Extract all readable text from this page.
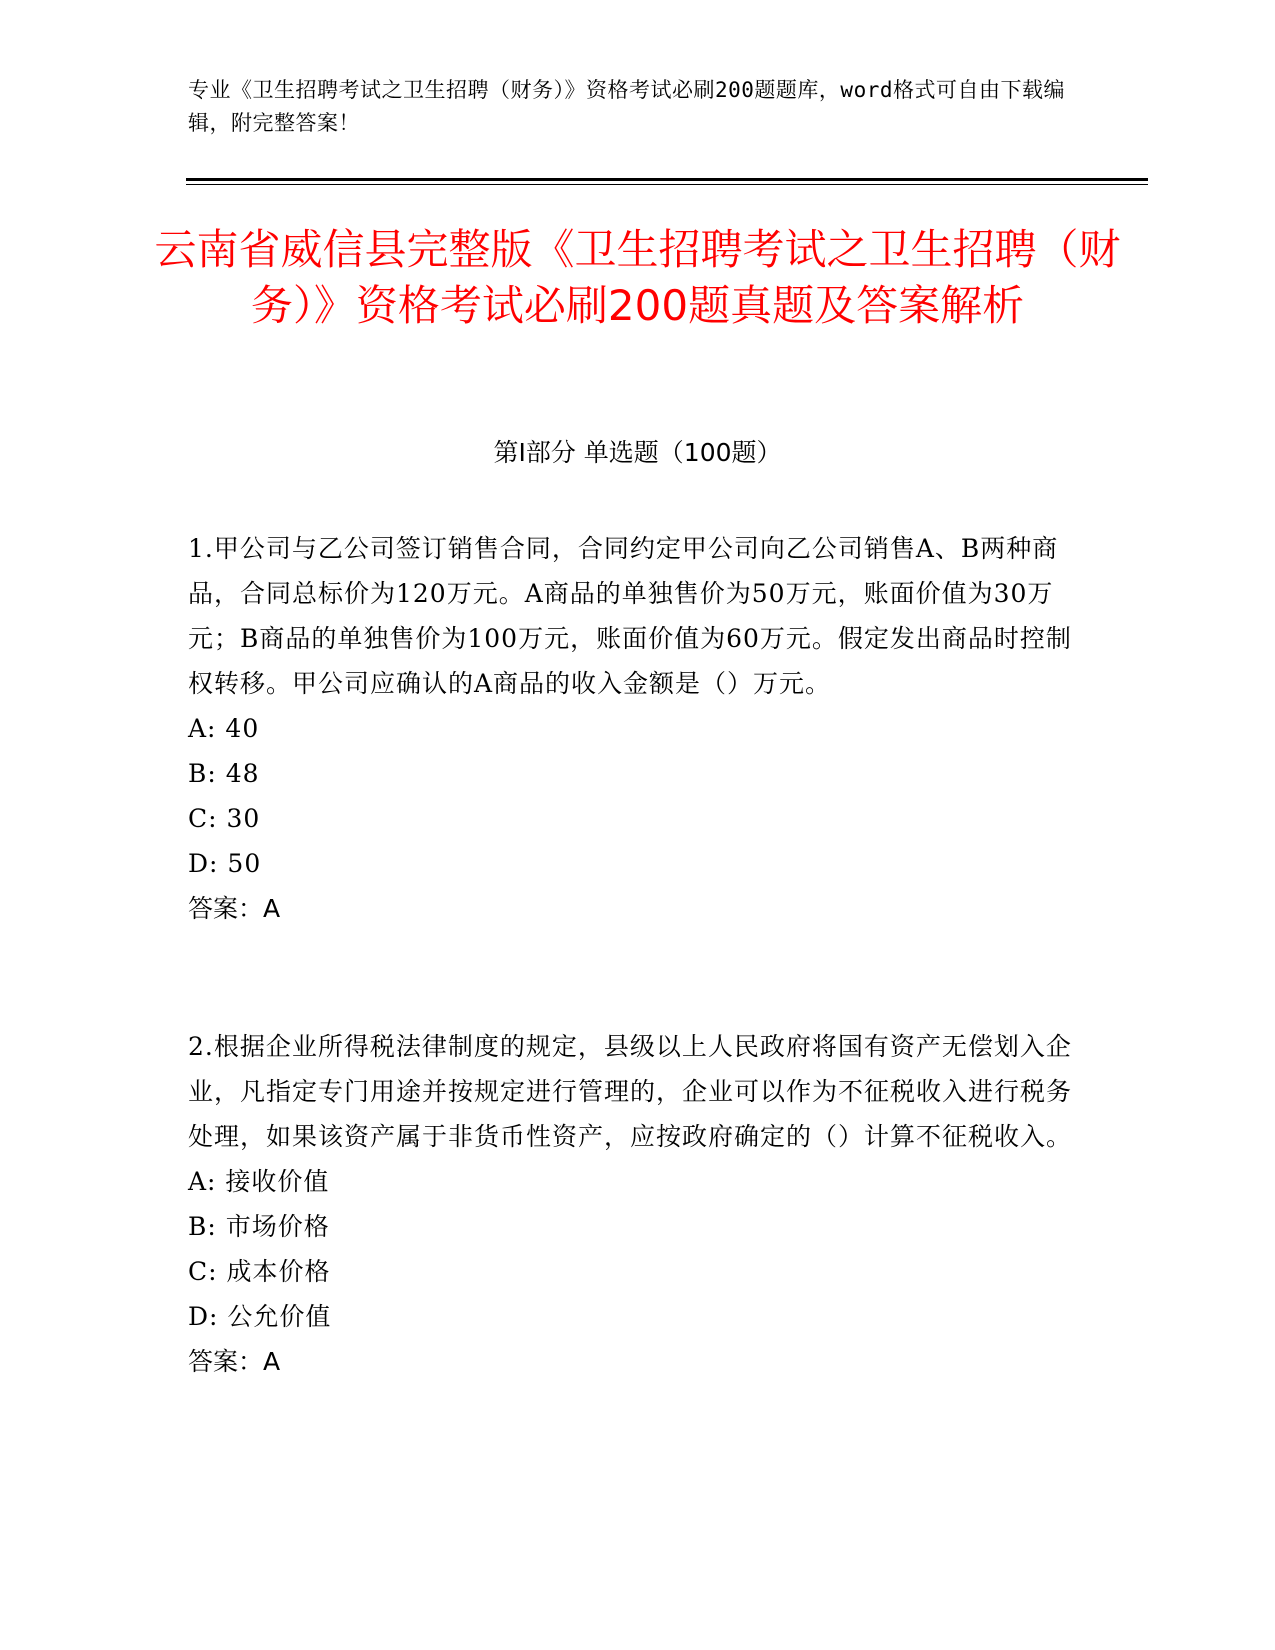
专业《卫生招聘考试之卫生招聘（财务）》资格考试必刷200题题库，word格式可自由下载编辑，附完整答案！
云南省威信县完整版《卫生招聘考试之卫生招聘（财务）》资格考试必刷200题真题及答案解析
第Ⅰ部分 单选题（100题）

1.甲公司与乙公司签订销售合同，合同约定甲公司向乙公司销售A、B两种商品，合同总标价为120万元。A商品的单独售价为50万元，账面价值为30万元；B商品的单独售价为100万元，账面价值为60万元。假定发出商品时控制权转移。甲公司应确认的A商品的收入金额是（）万元。

A: 40

B: 48

C: 30

D: 50

答案：A

2.根据企业所得税法律制度的规定，县级以上人民政府将国有资产无偿划入企业，凡指定专门用途并按规定进行管理的，企业可以作为不征税收入进行税务处理，如果该资产属于非货币性资产，应按政府确定的（）计算不征税收入。

A: 接收价值

B: 市场价格

C: 成本价格

D: 公允价值

答案：A
